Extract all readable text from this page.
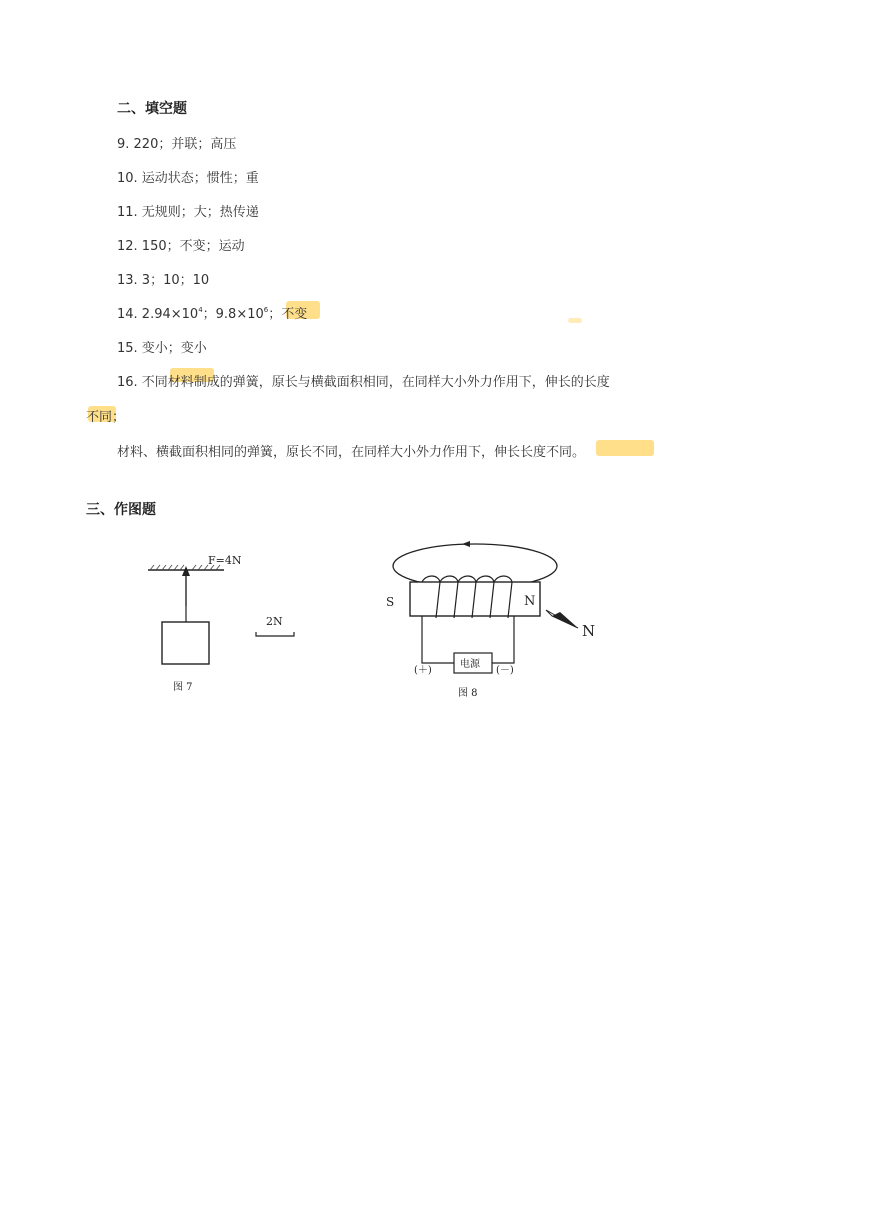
二、填空题
9. 220；并联；高压
10. 运动状态；惯性；重
11. 无规则；大；热传递
12. 150；不变；运动
13. 3；10；10
14. $2.94\times 10^4$；$9.8\times 10^6$；不变
15. 变小；变小
16. 不同材料制成的弹簧，原长与横截面积相同，在同样大小外力作用下，伸长的长度
不同；
材料、横截面积相同的弹簧，原长不同，在同样大小外力作用下，伸长长度不同。
三、作图题
F=4N
图 7
2N
S	N
电源
(＋)	(－)
N
图 8
